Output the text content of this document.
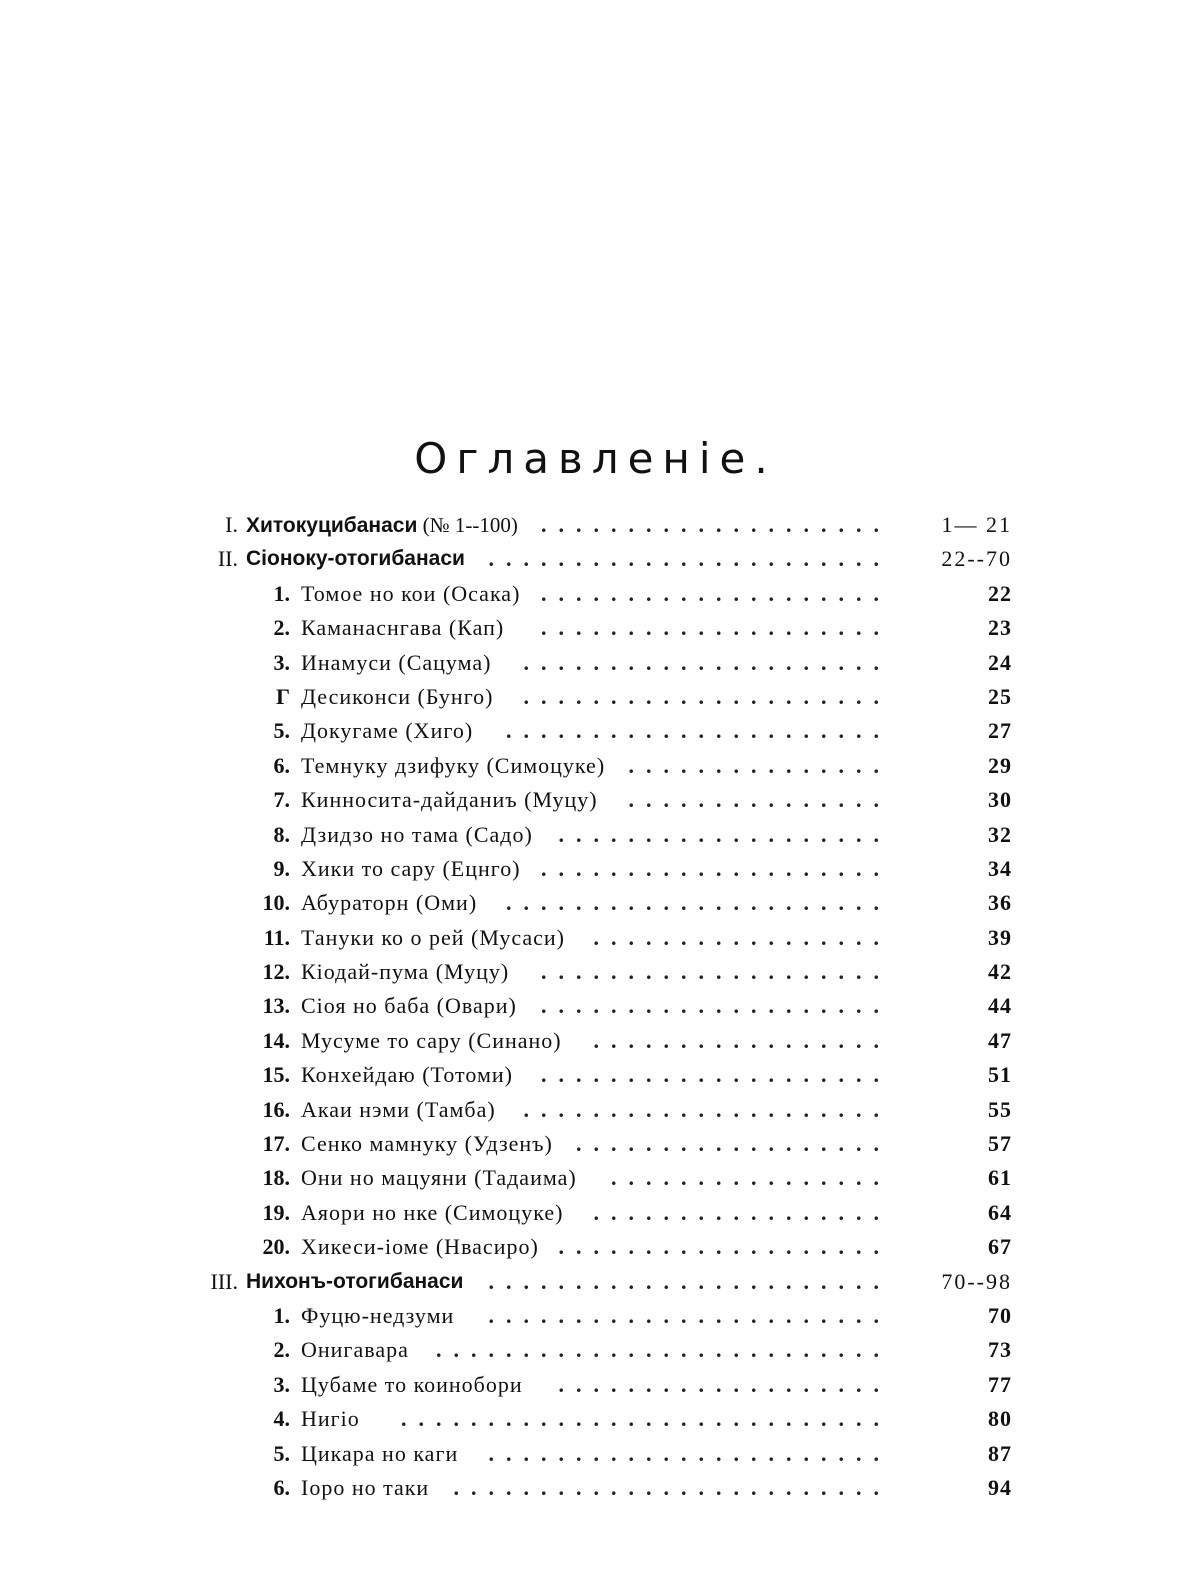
Оглавленie.
I. Хитокуцибанаси (№ 1--100) .................... 1— 21
II. Сіоноку-отогибанаси ....................... 22--70
1. Томое но кои (Осака) ....................	22
2. Каманаснгава (Кап) ....................	23
3. Инамуси (Сацума) .....................	24
Г Десиконси (Бунго) .....................	25
5. Докугаме (Хиго) ......................	27
6. Темнуку дзифуку (Симоцуке) ...............	29
7. Кинносита-дайданиъ (Муцу) ...............	30
8. Дзидзо но тама (Садо) ...................	32
9. Хики то сару (Ецнго) ....................	34
10. Абураторн (Оми) ......................	36
11. Тануки ко о рей (Мусаси) .................	39
12. Кіодай-пума (Муцу) ....................	42
13. Сіоя но баба (Овари) ....................	44
14. Мусуме то сару (Синано) .................	47
15. Конхейдаю (Тотоми) ....................	51
16. Акаи нэми (Тамба) .....................	55
17. Сенко мамнуку (Удзенъ) ..................	57
18. Они но мацуяни (Тадаима) ................	61
19. Аяори но нке (Симоцуке) .................	64
20. Хикеси-іоме (Нвасиро) ...................	67
III. Нихонъ-отогибанаси ....................... 70--98
1. Фуцю-недзуми .......................	70
2. Онигавара ..........................	73
3. Цубаме то коинобори ...................	77
4. Нигіо ............................	80
5. Цикара но каги .......................	87
6. Іоро но таки .........................	94
